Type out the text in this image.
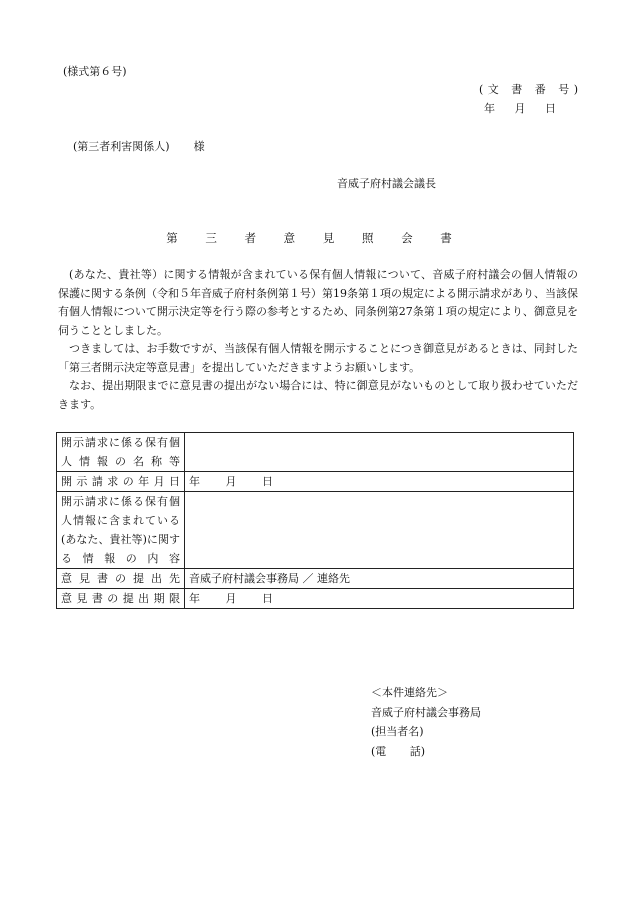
(様式第６号)
(文 書 番 号)
年 月 日
(第三者利害関係人) 様
音威子府村議会議長
第 三 者 意 見 照 会 書

(あなた、貴社等）に関する情報が含まれている保有個人情報について、音威子府村議会の個人情報の保護に関する条例（令和５年音威子府村条例第１号）第19条第１項の規定による開示請求があり、当該保有個人情報について開示決定等を行う際の参考とするため、同条例第27条第１項の規定により、御意見を伺うこととしました。

つきましては、お手数ですが、当該保有個人情報を開示することにつき御意見があるときは、同封した「第三者開示決定等意見書」を提出していただきますようお願いします。

なお、提出期限までに意見書の提出がない場合には、特に御意見がないものとして取り扱わせていただきます。

開示請求に係る保有個人情報の名称等	
開示請求の年月日	年 月 日
開示請求に係る保有個人情報に含まれている(あなた、貴社等)に関する情報の内容	
意見書の提出先	音威子府村議会事務局 ／ 連絡先
意見書の提出期限	年 月 日
＜本件連絡先＞
音威子府村議会事務局
(担当者名)
(電 話)
